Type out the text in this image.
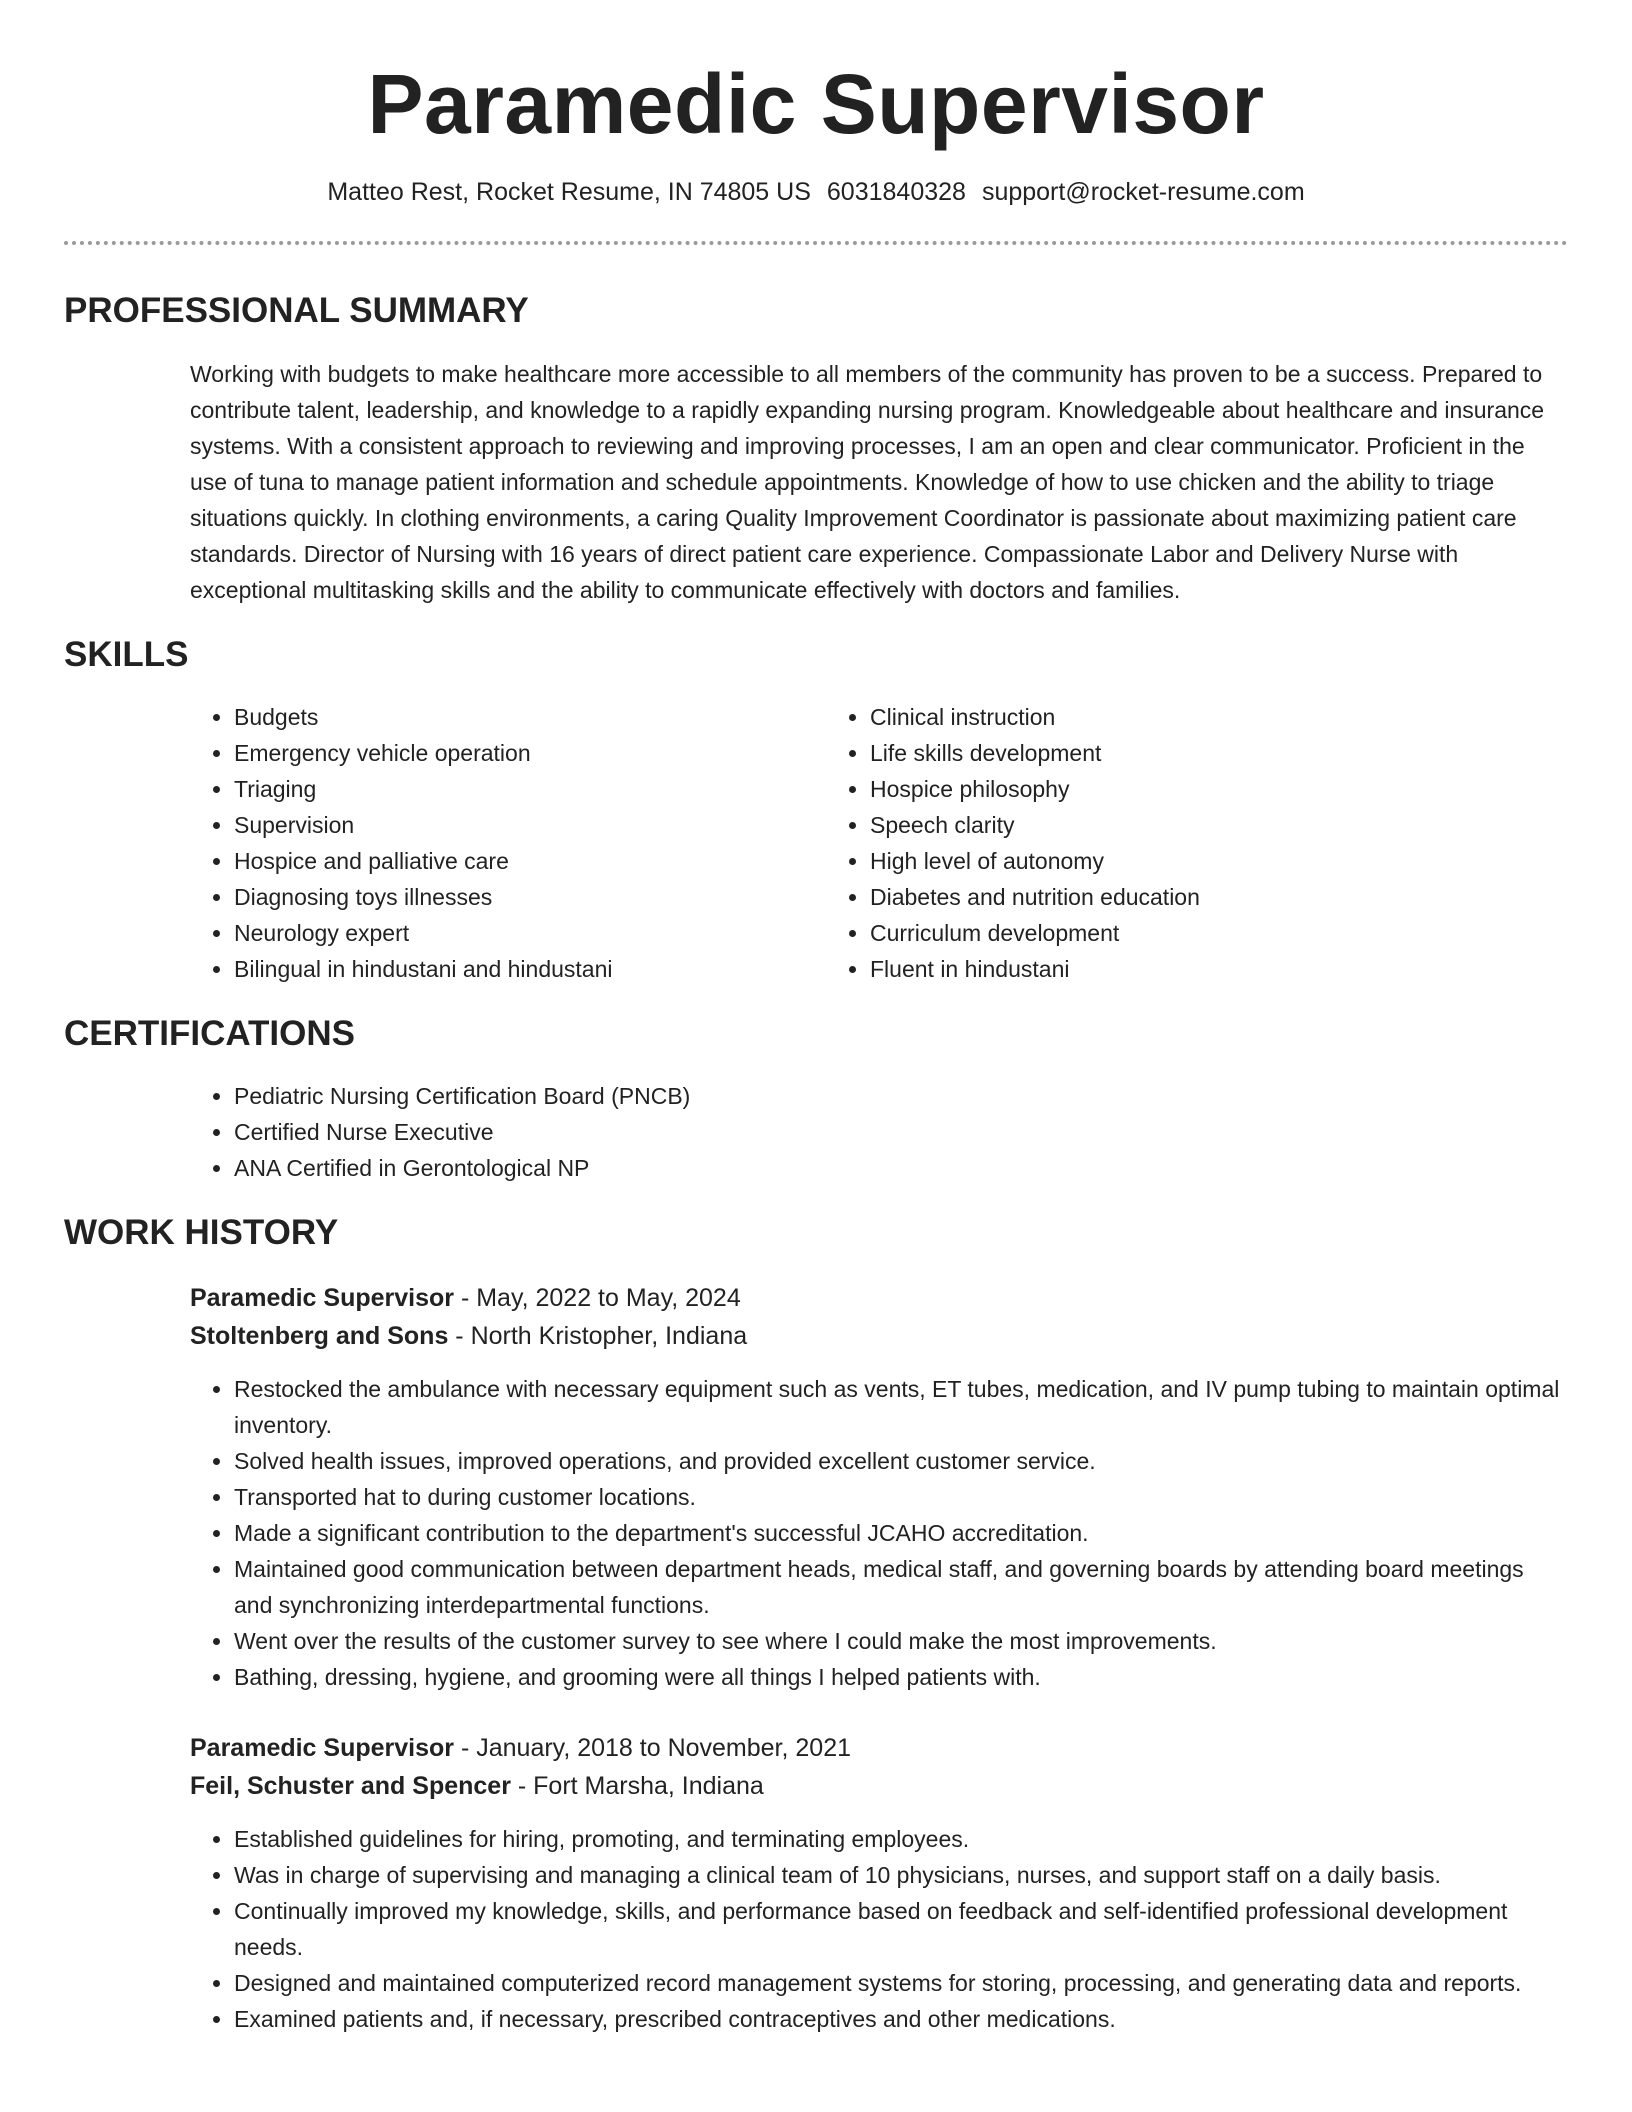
Paramedic Supervisor
Matteo Rest, Rocket Resume, IN 74805 US 6031840328 support@rocket-resume.com
PROFESSIONAL SUMMARY

Working with budgets to make healthcare more accessible to all members of the community has proven to be a success. Prepared to contribute talent, leadership, and knowledge to a rapidly expanding nursing program. Knowledgeable about healthcare and insurance systems. With a consistent approach to reviewing and improving processes, I am an open and clear communicator. Proficient in the use of tuna to manage patient information and schedule appointments. Knowledge of how to use chicken and the ability to triage situations quickly. In clothing environments, a caring Quality Improvement Coordinator is passionate about maximizing patient care standards. Director of Nursing with 16 years of direct patient care experience. Compassionate Labor and Delivery Nurse with exceptional multitasking skills and the ability to communicate effectively with doctors and families.

SKILLS
• Budgets
• Emergency vehicle operation
• Triaging
• Supervision
• Hospice and palliative care
• Diagnosing toys illnesses
• Neurology expert
• Bilingual in hindustani and hindustani
• Clinical instruction
• Life skills development
• Hospice philosophy
• Speech clarity
• High level of autonomy
• Diabetes and nutrition education
• Curriculum development
• Fluent in hindustani
CERTIFICATIONS
• Pediatric Nursing Certification Board (PNCB)
• Certified Nurse Executive
• ANA Certified in Gerontological NP
WORK HISTORY
Paramedic Supervisor - May, 2022 to May, 2024
Stoltenberg and Sons - North Kristopher, Indiana
• Restocked the ambulance with necessary equipment such as vents, ET tubes, medication, and IV pump tubing to maintain optimal inventory.
• Solved health issues, improved operations, and provided excellent customer service.
• Transported hat to during customer locations.
• Made a significant contribution to the department's successful JCAHO accreditation.
• Maintained good communication between department heads, medical staff, and governing boards by attending board meetings and synchronizing interdepartmental functions.
• Went over the results of the customer survey to see where I could make the most improvements.
• Bathing, dressing, hygiene, and grooming were all things I helped patients with.
Paramedic Supervisor - January, 2018 to November, 2021
Feil, Schuster and Spencer - Fort Marsha, Indiana
• Established guidelines for hiring, promoting, and terminating employees.
• Was in charge of supervising and managing a clinical team of 10 physicians, nurses, and support staff on a daily basis.
• Continually improved my knowledge, skills, and performance based on feedback and self-identified professional development needs.
• Designed and maintained computerized record management systems for storing, processing, and generating data and reports.
• Examined patients and, if necessary, prescribed contraceptives and other medications.
